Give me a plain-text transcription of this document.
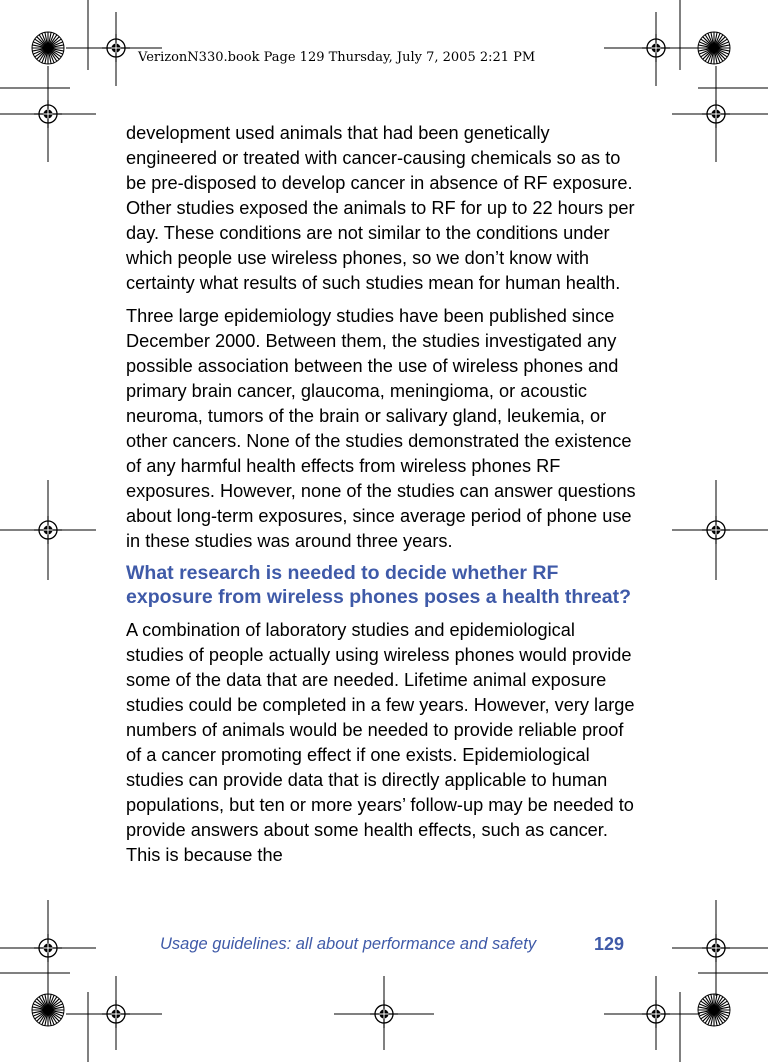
VerizonN330.book Page 129 Thursday, July 7, 2005 2:21 PM

development used animals that had been genetically engineered or treated with cancer-causing chemicals so as to be pre-disposed to develop cancer in absence of RF exposure. Other studies exposed the animals to RF for up to 22 hours per day. These conditions are not similar to the conditions under which people use wireless phones, so we don’t know with certainty what results of such studies mean for human health.

Three large epidemiology studies have been published since December 2000. Between them, the studies investigated any possible association between the use of wireless phones and primary brain cancer, glaucoma, meningioma, or acoustic neuroma, tumors of the brain or salivary gland, leukemia, or other cancers. None of the studies demonstrated the existence of any harmful health effects from wireless phones RF exposures. However, none of the studies can answer questions about long-term exposures, since average period of phone use in these studies was around three years.

What research is needed to decide whether RF exposure from wireless phones poses a health threat?

A combination of laboratory studies and epidemiological studies of people actually using wireless phones would provide some of the data that are needed. Lifetime animal exposure studies could be completed in a few years. However, very large numbers of animals would be needed to provide reliable proof of a cancer promoting effect if one exists. Epidemiological studies can provide data that is directly applicable to human populations, but ten or more years’ follow-up may be needed to provide answers about some health effects, such as cancer. This is because the

Usage guidelines: all about performance and safety	129
